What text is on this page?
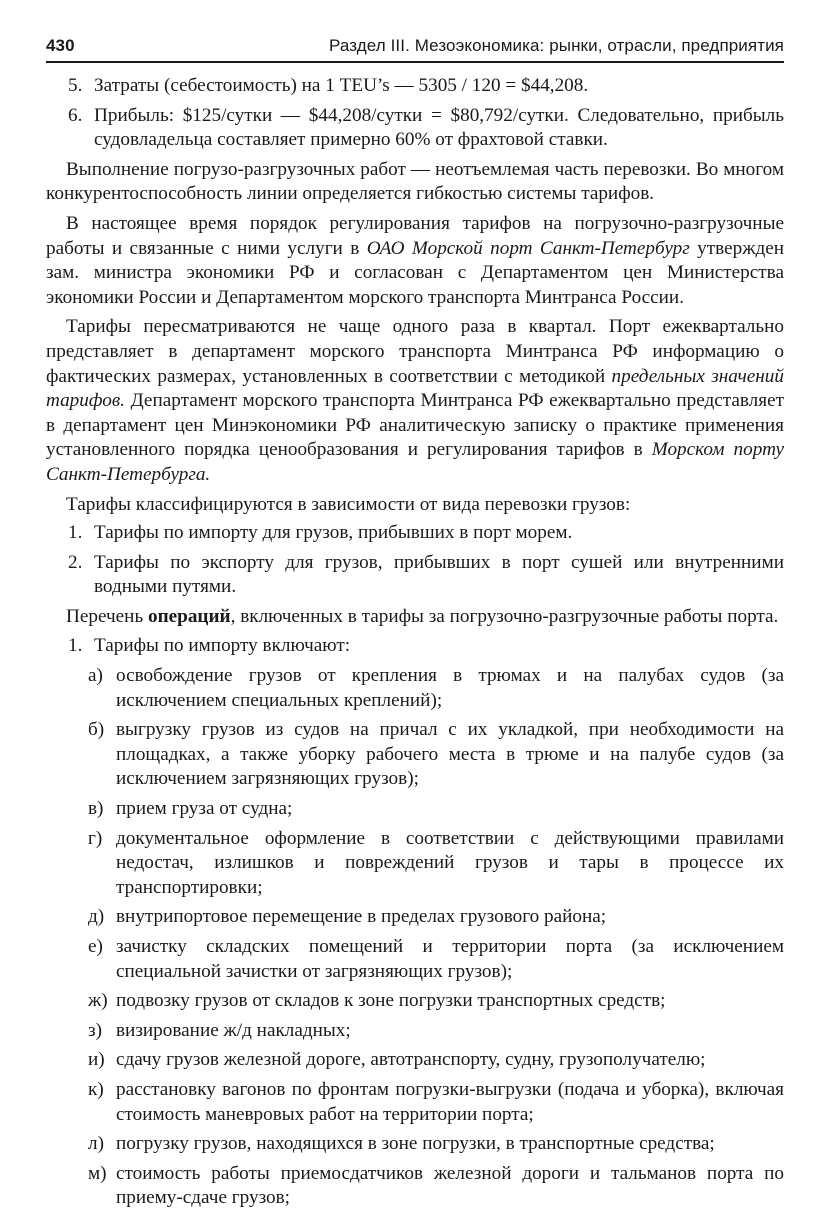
430	Раздел III. Мезоэкономика: рынки, отрасли, предприятия
5. Затраты (себестоимость) на 1 TEU’s — 5305 / 120 = $44,208.
6. Прибыль: $125/сутки — $44,208/сутки = $80,792/сутки. Следовательно, прибыль судовладельца составляет примерно 60% от фрахтовой ставки.

Выполнение погрузо-разгрузочных работ — неотъемлемая часть перевозки. Во многом конкурентоспособность линии определяется гибкостью системы тарифов.

В настоящее время порядок регулирования тарифов на погрузочно-разгрузочные работы и связанные с ними услуги в ОАО Морской порт Санкт-Петербург утвержден зам. министра экономики РФ и согласован с Департаментом цен Министерства экономики России и Департаментом морского транспорта Минтранса России.

Тарифы пересматриваются не чаще одного раза в квартал. Порт ежеквартально представляет в департамент морского транспорта Минтранса РФ информацию о фактических размерах, установленных в соответствии с методикой предельных значений тарифов. Департамент морского транспорта Минтранса РФ ежеквартально представляет в департамент цен Минэкономики РФ аналитическую записку о практике применения установленного порядка ценообразования и регулирования тарифов в Морском порту Санкт-Петербурга.

Тарифы классифицируются в зависимости от вида перевозки грузов:

1. Тарифы по импорту для грузов, прибывших в порт морем.
2. Тарифы по экспорту для грузов, прибывших в порт сушей или внутренними водными путями.

Перечень операций, включенных в тарифы за погрузочно-разгрузочные работы порта.

1. Тарифы по импорту включают:
а) освобождение грузов от крепления в трюмах и на палубах судов (за исключением специальных креплений);
б) выгрузку грузов из судов на причал с их укладкой, при необходимости на площадках, а также уборку рабочего места в трюме и на палубе судов (за исключением загрязняющих грузов);
в) прием груза от судна;
г) документальное оформление в соответствии с действующими правилами недостач, излишков и повреждений грузов и тары в процессе их транспортировки;
д) внутрипортовое перемещение в пределах грузового района;
е) зачистку складских помещений и территории порта (за исключением специальной зачистки от загрязняющих грузов);
ж) подвозку грузов от складов к зоне погрузки транспортных средств;
з) визирование ж/д накладных;
и) сдачу грузов железной дороге, автотранспорту, судну, грузополучателю;
к) расстановку вагонов по фронтам погрузки-выгрузки (подача и уборка), включая стоимость маневровых работ на территории порта;
л) погрузку грузов, находящихся в зоне погрузки, в транспортные средства;
м) стоимость работы приемосдатчиков железной дороги и тальманов порта по приему-сдаче грузов;
